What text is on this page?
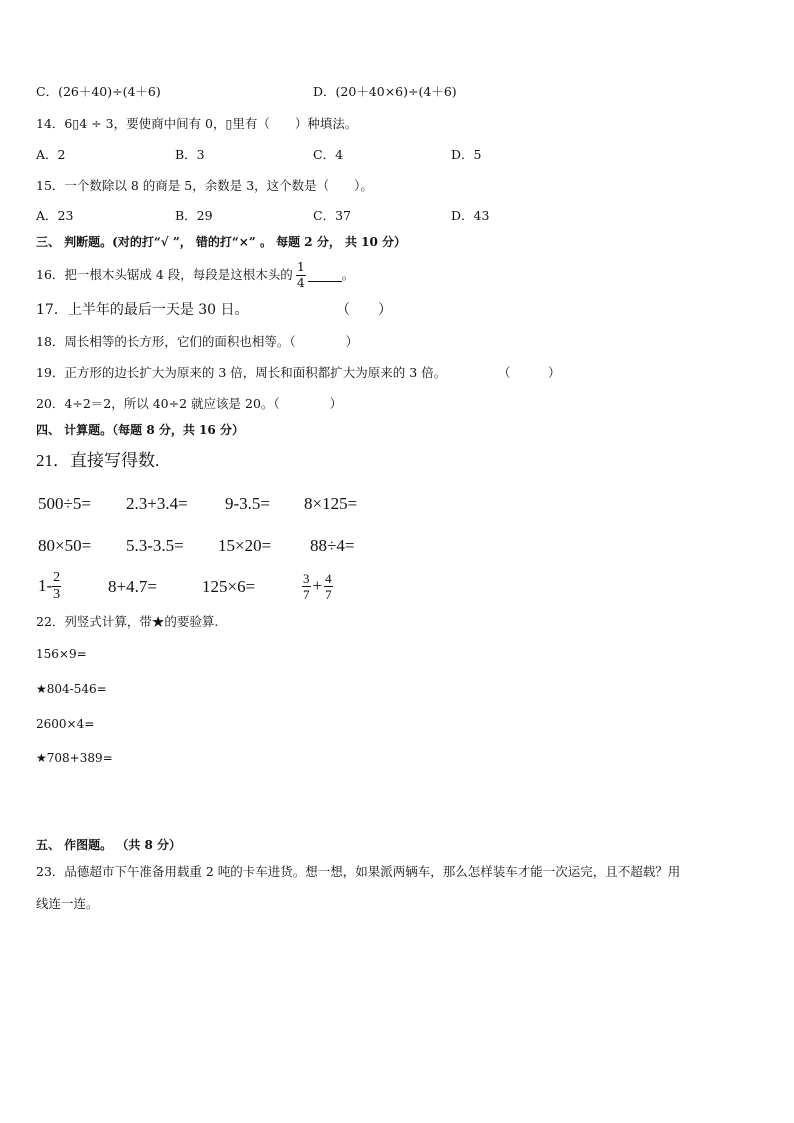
C．(26＋40)÷(4＋6)	D．(20＋40×6)÷(4＋6)
14．6▯4 ÷ 3，要使商中间有 0，▯里有（　　）种填法。
A．2	B．3	C．4	D．5
15．一个数除以 8 的商是 5，余数是 3，这个数是（　　）。
A．23	B．29	C．37	D．43
三、 判断题。(对的打“√ ”， 错的打“×” 。 每题 2 分， 共 10 分）
16．把一根木头锯成 4 段，每段是这根木头的 $\frac{1}{4}$	。
17．上半年的最后一天是 30 日。	（　　）
18．周长相等的长方形，它们的面积也相等。（　　　　）
19．正方形的边长扩大为原来的 3 倍，周长和面积都扩大为原来的 3 倍。	（　　　）
20．4÷2＝2，所以 40÷2 就应该是 20。（　　　　）
四、 计算题。（每题 8 分，共 16 分）
21．直接写得数.
500÷5= 2.3+3.4= 9-3.5= 8×125=
80×50= 5.3-3.5= 15×20= 88÷4=
$1- \frac{2}{3}$	8+4.7=	125×6=	$\frac{3}{7} + \frac{4}{7}$
22．列竖式计算，带★的要验算.
156×9=
★804-546=
2600×4=
★708+389=
五、 作图题。 （共 8 分）
23．品德超市下午准备用载重 2 吨的卡车进货。想一想，如果派两辆车，那么怎样装车才能一次运完，且不超载？用
线连一连。
